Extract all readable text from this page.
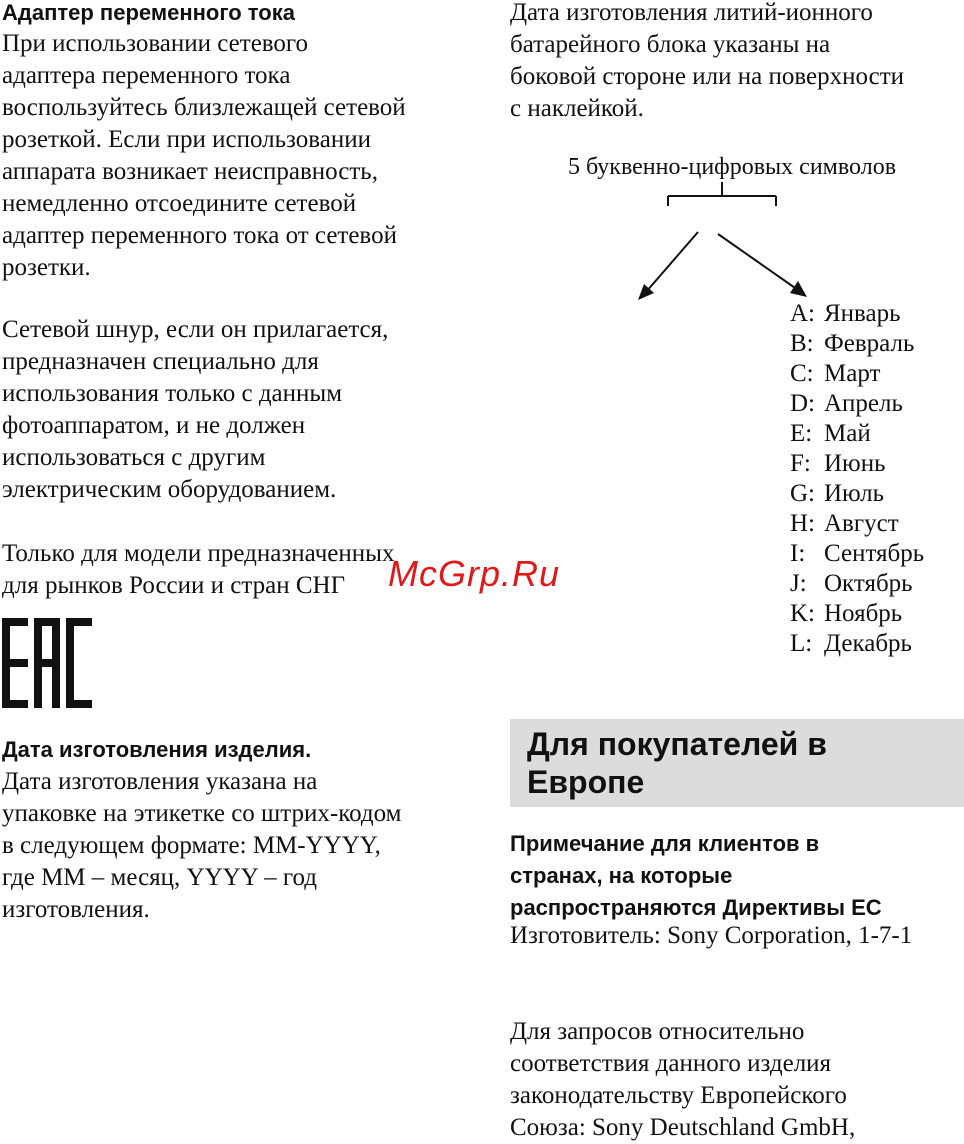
Адаптер переменного тока
При использовании сетевого
адаптера переменного тока
воспользуйтесь близлежащей сетевой
розеткой. Если при использовании
аппарата возникает неисправность,
немедленно отсоедините сетевой
адаптер переменного тока от сетевой
розетки.
Сетевой шнур, если он прилагается,
предназначен специально для
использования только с данным
фотоаппаратом, и не должен
использоваться с другим
электрическим оборудованием.
Только для модели предназначенных
для рынков России и стран СНГ
Дата изготовления изделия.
Дата изготовления указана на
упаковке на этикетке со штрих-кодом
в следующем формате: MM-YYYY,
где MM – месяц, YYYY – год
изготовления.
Дата изготовления литий-ионного
батарейного блока указаны на
боковой стороне или на поверхности
с наклейкой.
5 буквенно-цифровых символов
A: Январь
B: Февраль
C: Март
D: Апрель
E: Май
F: Июнь
G: Июль
H: Август
I: Сентябрь
J: Октябрь
K: Ноябрь
L: Декабрь
Для покупателей в
Европе
Примечание для клиентов в
странах, на которые
распространяются Директивы ЕС
Изготовитель: Sony Corporation, 1-7-1
Для запросов относительно
соответствия данного изделия
законодательству Европейского
Союза: Sony Deutschland GmbH,
McGrp.Ru
